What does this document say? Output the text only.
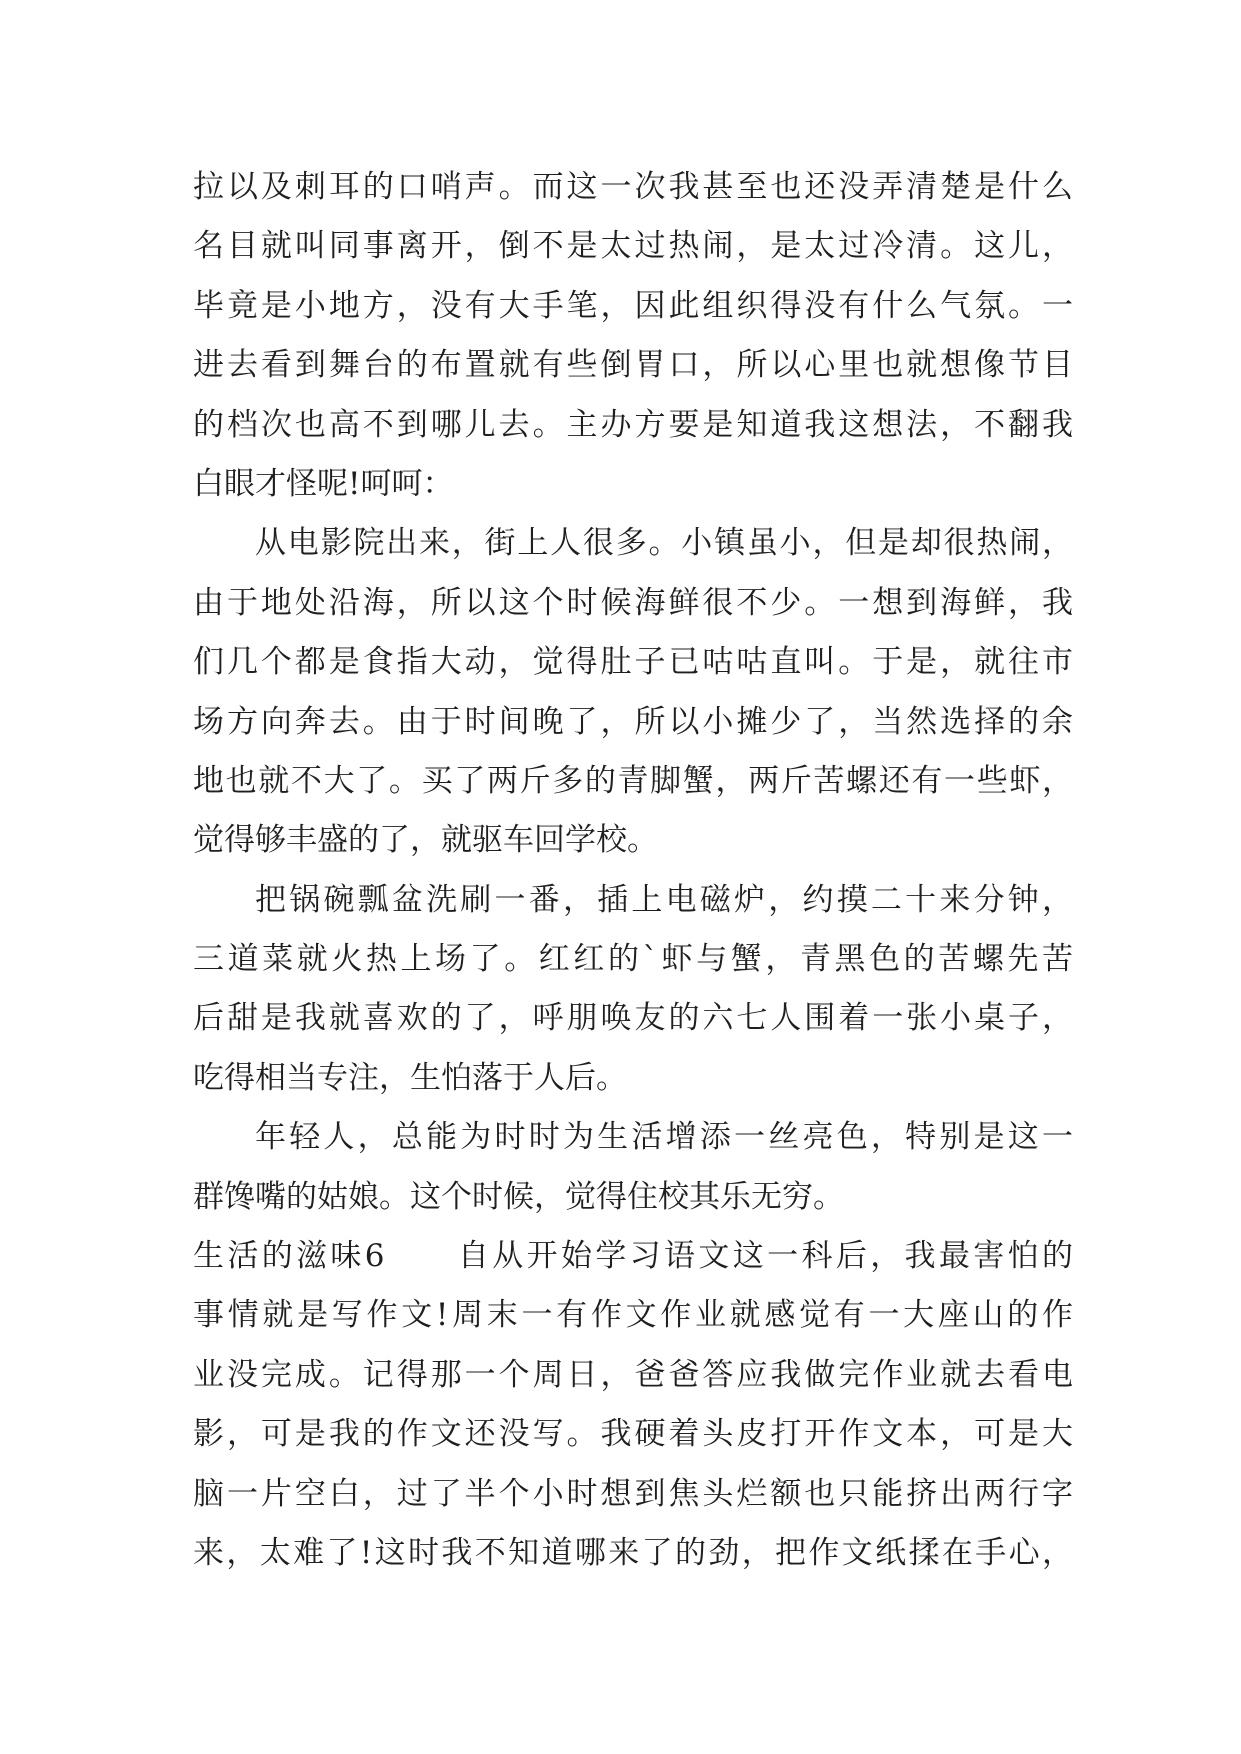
拉以及刺耳的口哨声。而这一次我甚至也还没弄清楚是什么
名目就叫同事离开，倒不是太过热闹，是太过冷清。这儿，
毕竟是小地方，没有大手笔，因此组织得没有什么气氛。一
进去看到舞台的布置就有些倒胃口，所以心里也就想像节目
的档次也高不到哪儿去。主办方要是知道我这想法，不翻我
白眼才怪呢!呵呵：
从电影院出来，街上人很多。小镇虽小，但是却很热闹，
由于地处沿海，所以这个时候海鲜很不少。一想到海鲜，我
们几个都是食指大动，觉得肚子已咕咕直叫。于是，就往市
场方向奔去。由于时间晚了，所以小摊少了，当然选择的余
地也就不大了。买了两斤多的青脚蟹，两斤苦螺还有一些虾，
觉得够丰盛的了，就驱车回学校。
把锅碗瓢盆洗刷一番，插上电磁炉，约摸二十来分钟，
三道菜就火热上场了。红红的`虾与蟹，青黑色的苦螺先苦
后甜是我就喜欢的了，呼朋唤友的六七人围着一张小桌子，
吃得相当专注，生怕落于人后。
年轻人，总能为时时为生活增添一丝亮色，特别是这一
群馋嘴的姑娘。这个时候，觉得住校其乐无穷。
生活的滋味6 自从开始学习语文这一科后，我最害怕的
事情就是写作文!周末一有作文作业就感觉有一大座山的作
业没完成。记得那一个周日，爸爸答应我做完作业就去看电
影，可是我的作文还没写。我硬着头皮打开作文本，可是大
脑一片空白，过了半个小时想到焦头烂额也只能挤出两行字
来，太难了!这时我不知道哪来了的劲，把作文纸揉在手心，
